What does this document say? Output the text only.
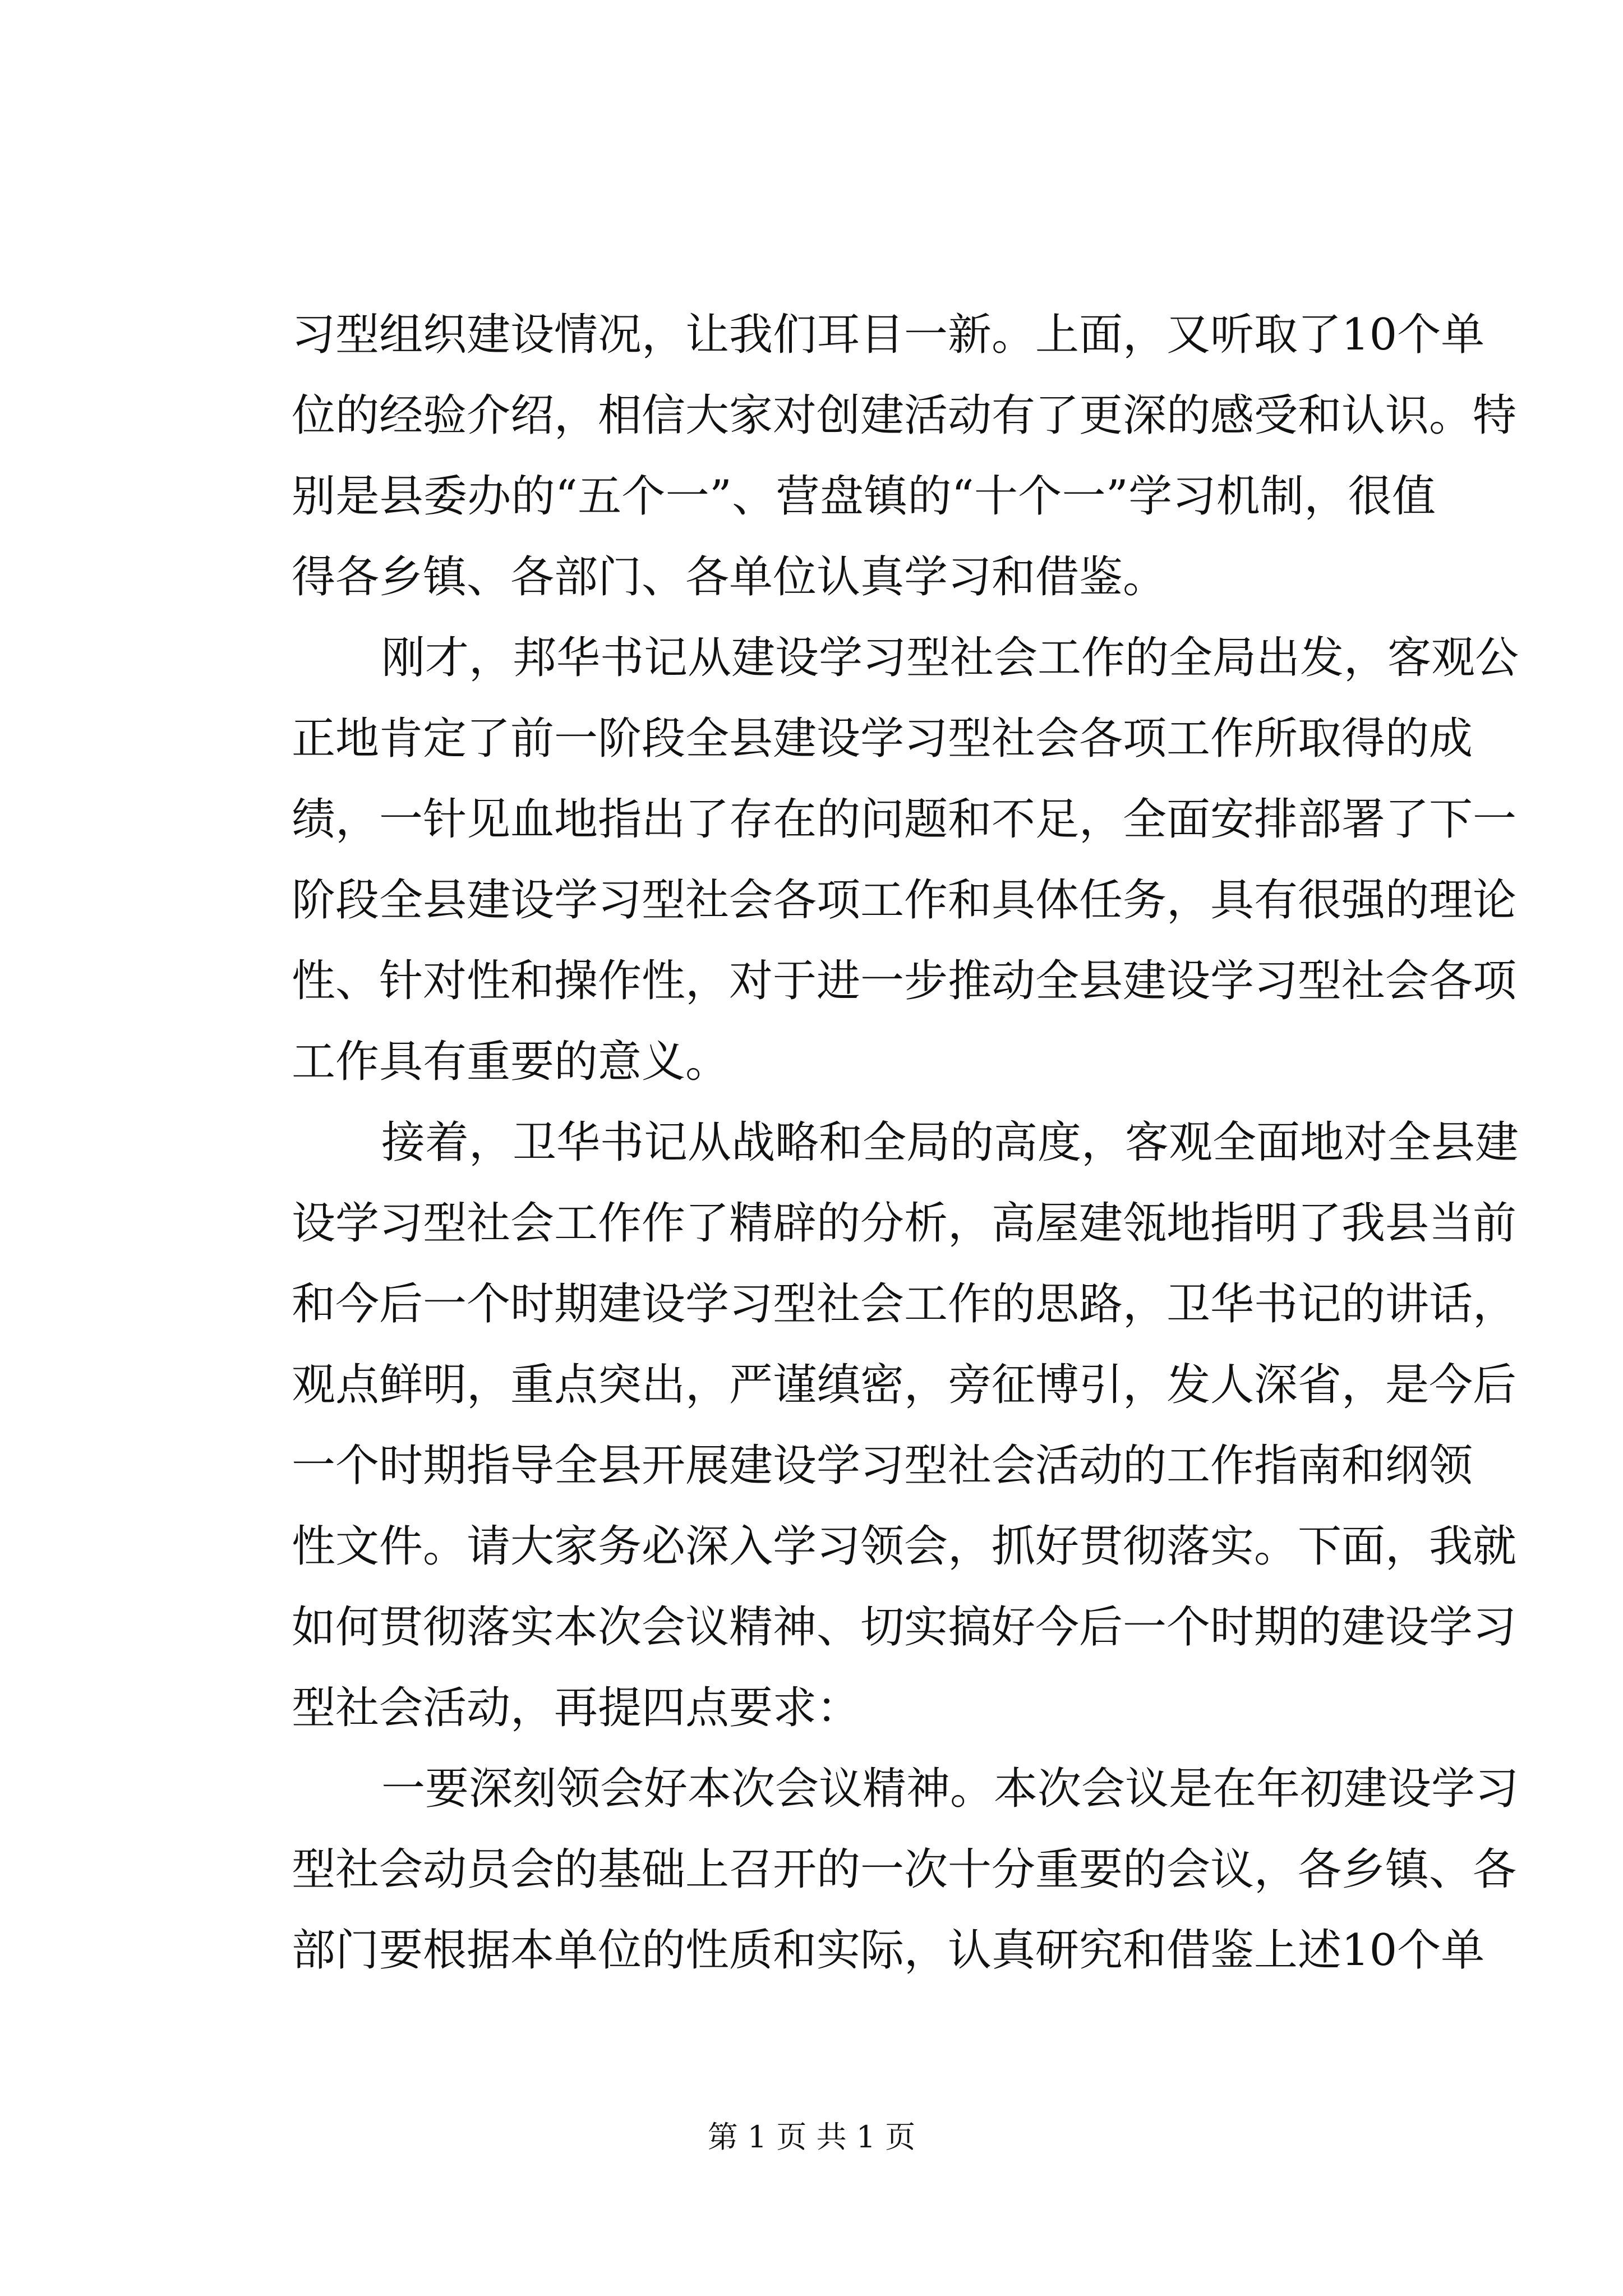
习型组织建设情况，让我们耳目一新。上面，又听取了10个单
位的经验介绍，相信大家对创建活动有了更深的感受和认识。特
别是县委办的“五个一”、营盘镇的“十个一”学习机制，很值
得各乡镇、各部门、各单位认真学习和借鉴。
刚才，邦华书记从建设学习型社会工作的全局出发，客观公
正地肯定了前一阶段全县建设学习型社会各项工作所取得的成
绩，一针见血地指出了存在的问题和不足，全面安排部署了下一
阶段全县建设学习型社会各项工作和具体任务，具有很强的理论
性、针对性和操作性，对于进一步推动全县建设学习型社会各项
工作具有重要的意义。
接着，卫华书记从战略和全局的高度，客观全面地对全县建
设学习型社会工作作了精辟的分析，高屋建瓴地指明了我县当前
和今后一个时期建设学习型社会工作的思路，卫华书记的讲话，
观点鲜明，重点突出，严谨缜密，旁征博引，发人深省，是今后
一个时期指导全县开展建设学习型社会活动的工作指南和纲领
性文件。请大家务必深入学习领会，抓好贯彻落实。下面，我就
如何贯彻落实本次会议精神、切实搞好今后一个时期的建设学习
型社会活动，再提四点要求：
一要深刻领会好本次会议精神。本次会议是在年初建设学习
型社会动员会的基础上召开的一次十分重要的会议，各乡镇、各
部门要根据本单位的性质和实际，认真研究和借鉴上述10个单
第 1 页 共 1 页
